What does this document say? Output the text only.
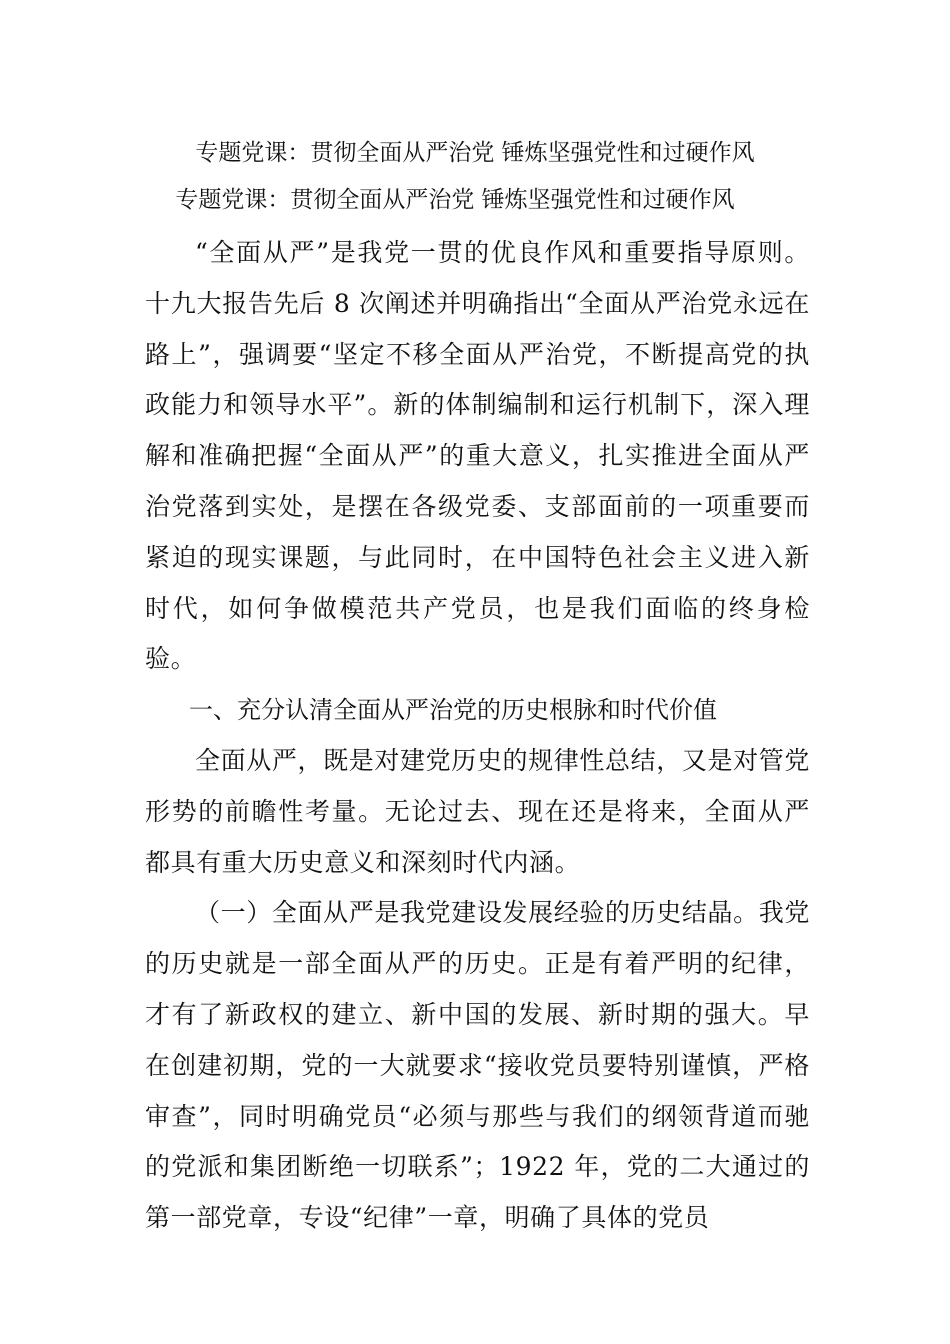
专题党课：贯彻全面从严治党 锤炼坚强党性和过硬作风
专题党课：贯彻全面从严治党 锤炼坚强党性和过硬作风

“全面从严”是我党一贯的优良作风和重要指导原则。十九大报告先后 8 次阐述并明确指出“全面从严治党永远在路上”，强调要“坚定不移全面从严治党，不断提高党的执政能力和领导水平”。新的体制编制和运行机制下，深入理解和准确把握“全面从严”的重大意义，扎实推进全面从严治党落到实处，是摆在各级党委、支部面前的一项重要而紧迫的现实课题，与此同时，在中国特色社会主义进入新时代，如何争做模范共产党员，也是我们面临的终身检验。

一、充分认清全面从严治党的历史根脉和时代价值

全面从严，既是对建党历史的规律性总结，又是对管党形势的前瞻性考量。无论过去、现在还是将来，全面从严都具有重大历史意义和深刻时代内涵。

（一）全面从严是我党建设发展经验的历史结晶。我党的历史就是一部全面从严的历史。正是有着严明的纪律，才有了新政权的建立、新中国的发展、新时期的强大。早在创建初期，党的一大就要求“接收党员要特别谨慎，严格审查”，同时明确党员“必须与那些与我们的纲领背道而驰的党派和集团断绝一切联系”；1922 年，党的二大通过的第一部党章，专设“纪律”一章，明确了具体的党员
